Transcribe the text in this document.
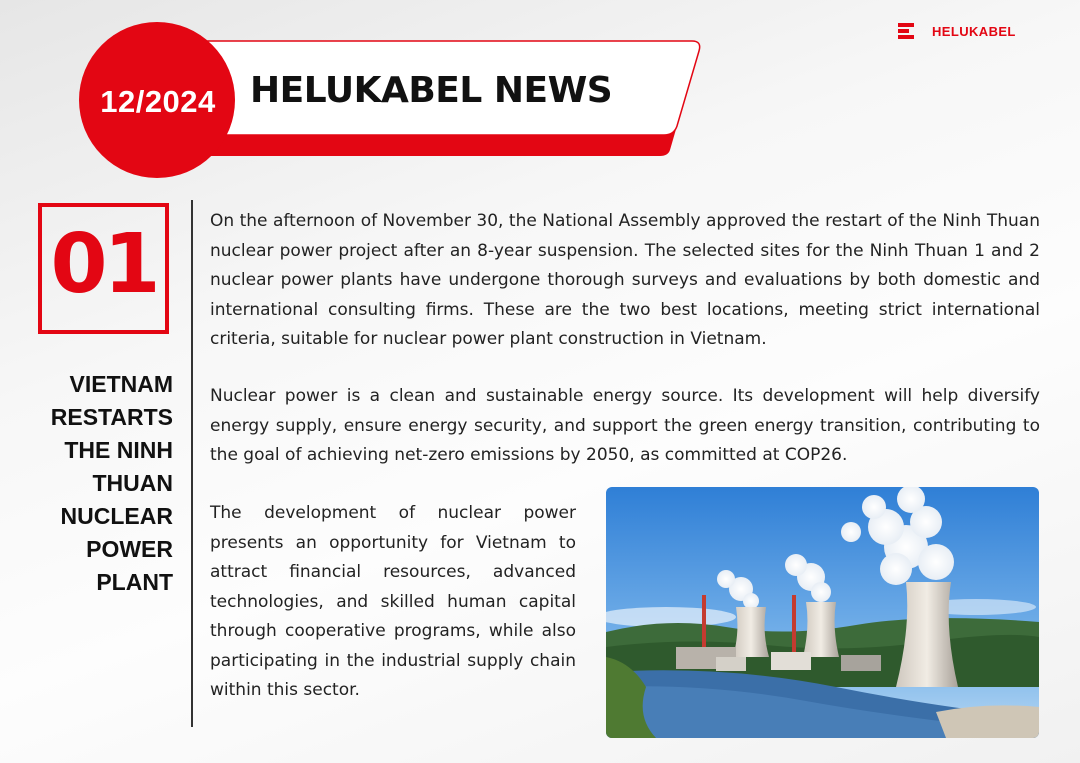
HELUKABEL
12/2024 HELUKABEL NEWS
01
VIETNAM RESTARTS THE NINH THUAN NUCLEAR POWER PLANT

On the afternoon of November 30, the National Assembly approved the restart of the Ninh Thuan nuclear power project after an 8-year suspension. The selected sites for the Ninh Thuan 1 and 2 nuclear power plants have undergone thorough surveys and evaluations by both domestic and international consulting firms. These are the two best locations, meeting strict international criteria, suitable for nuclear power plant construction in Vietnam.

Nuclear power is a clean and sustainable energy source. Its development will help diversify energy supply, ensure energy security, and support the green energy transition, contributing to the goal of achieving net-zero emissions by 2050, as committed at COP26.

The development of nuclear power presents an opportunity for Vietnam to attract financial resources, advanced technologies, and skilled human capital through cooperative programs, while also participating in the industrial supply chain within this sector.
